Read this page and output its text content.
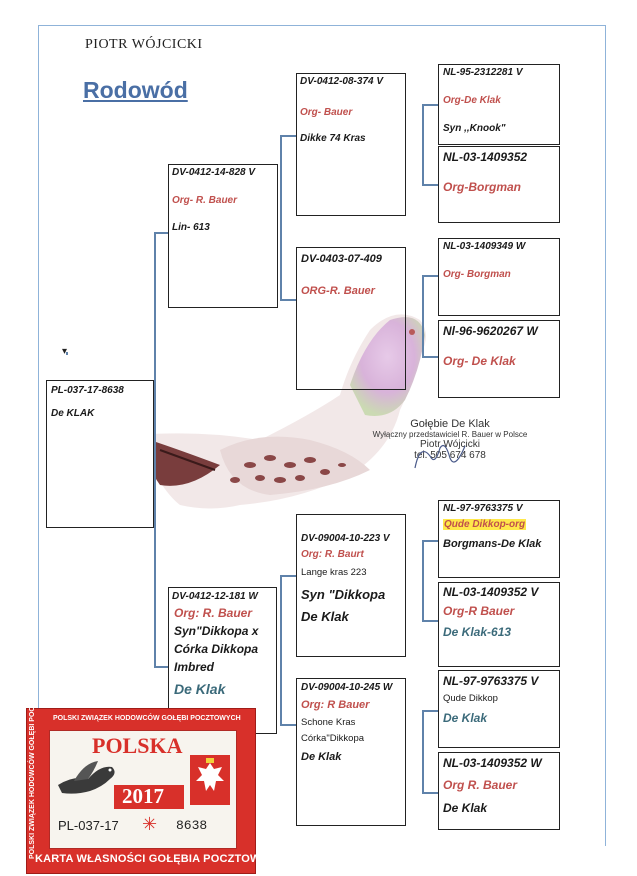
PIOTR WÓJCICKI
Rodowód
PL-037-17-8638
De KLAK
DV-0412-14-828 V
Org- R. Bauer
Lin- 613
DV-0412-12-181 W
Org: R. Bauer
Syn"Dikkopa x
Córka Dikkopa
Imbred
De Klak
DV-0412-08-374 V
Org- Bauer
Dikke 74 Kras
DV-0403-07-409
ORG-R. Bauer
DV-09004-10-223 V
Org: R. Baurt
Lange kras 223
Syn "Dikkopa
De Klak
DV-09004-10-245 W
Org: R Bauer
Schone Kras
Córka"Dikkopa
De Klak
NL-95-2312281 V
Org-De Klak
Syn ,,Knook"
NL-03-1409352
Org-Borgman
NL-03-1409349 W
Org- Borgman
Nl-96-9620267 W
Org- De Klak
NL-97-9763375 V
Qude Dikkop-org
Borgmans-De Klak
NL-03-1409352 V
Org-R Bauer
De Klak-613
NL-97-9763375 V
Qude Dikkop
De Klak
NL-03-1409352 W
Org R. Bauer
De Klak
Gołębie De Klak
Wyłączny przedstawiciel R. Bauer w Polsce
Piotr Wójcicki
tel. 505 674 678
POLSKI ZWIĄZEK HODOWCÓW GOŁĘBI POCZTOWYCH
POLSKI ZWIĄZEK HODOWCÓW GOŁĘBI POCZTOWYCH	POLSKA
2017
PL-037-17 ✳ 8638
KARTA WŁASNOŚCI GOŁĘBIA POCZTOWEGO
▾
